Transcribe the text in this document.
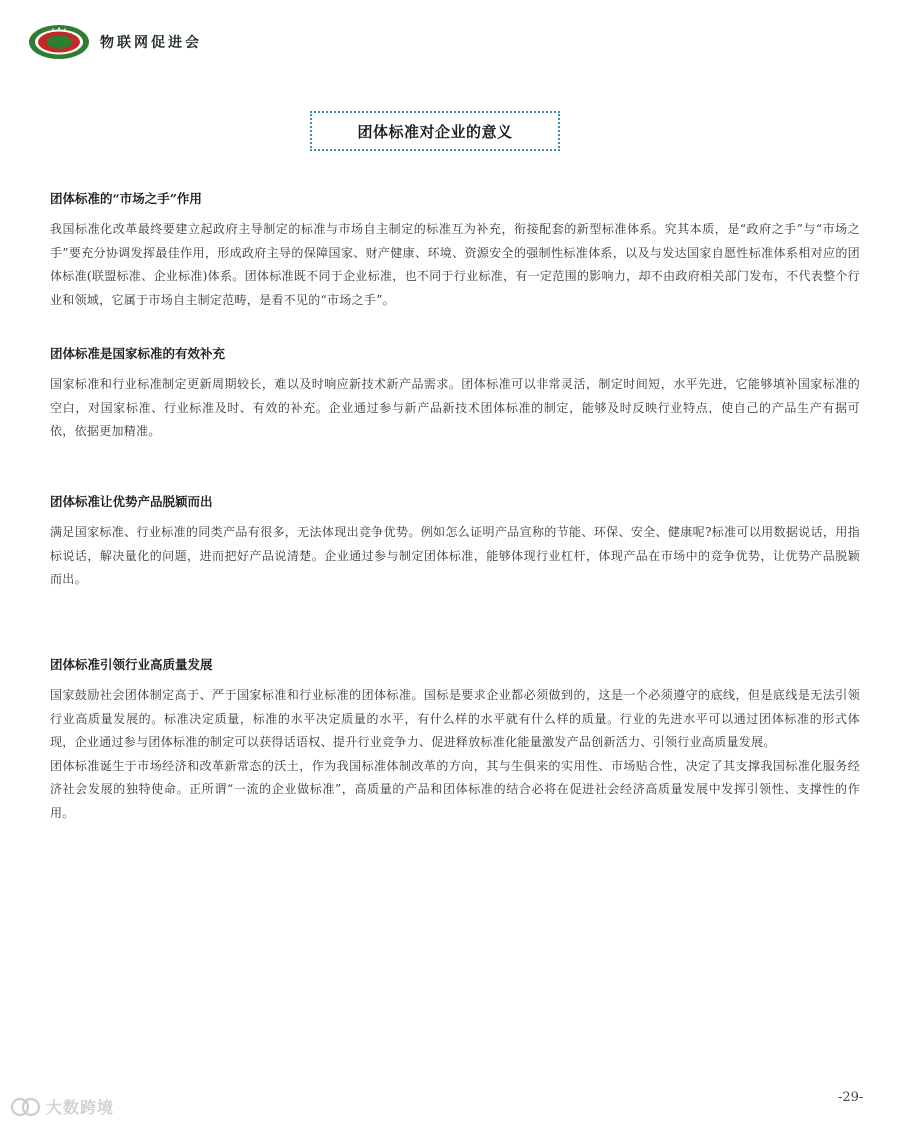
物联网促进会
团体标准对企业的意义
团体标准的“市场之手”作用

我国标准化改革最终要建立起政府主导制定的标准与市场自主制定的标准互为补充，衔接配套的新型标准体系。究其本质，是“政府之手”与“市场之手”要充分协调发挥最佳作用，形成政府主导的保障国家、财产健康、环境、资源安全的强制性标准体系，以及与发达国家自愿性标准体系相对应的团体标准(联盟标准、企业标准)体系。团体标准既不同于企业标准，也不同于行业标准，有一定范围的影响力，却不由政府相关部门发布，不代表整个行业和领域，它属于市场自主制定范畴，是看不见的“市场之手”。

团体标准是国家标准的有效补充

国家标准和行业标准制定更新周期较长，难以及时响应新技术新产品需求。团体标准可以非常灵活，制定时间短，水平先进，它能够填补国家标准的空白，对国家标准、行业标准及时、有效的补充。企业通过参与新产品新技术团体标准的制定，能够及时反映行业特点，使自己的产品生产有据可依，依据更加精准。

团体标准让优势产品脱颖而出

满足国家标准、行业标准的同类产品有很多，无法体现出竞争优势。例如怎么证明产品宣称的节能、环保、安全、健康呢?标准可以用数据说话，用指标说话，解决量化的问题，进而把好产品说清楚。企业通过参与制定团体标准，能够体现行业杠杆，体现产品在市场中的竞争优势，让优势产品脱颖而出。

团体标准引领行业高质量发展

国家鼓励社会团体制定高于、严于国家标准和行业标准的团体标准。国标是要求企业都必须做到的，这是一个必须遵守的底线，但是底线是无法引领行业高质量发展的。标准决定质量，标准的水平决定质量的水平，有什么样的水平就有什么样的质量。行业的先进水平可以通过团体标准的形式体现，企业通过参与团体标准的制定可以获得话语权、提升行业竞争力、促进释放标准化能量激发产品创新活力、引领行业高质量发展。

团体标准诞生于市场经济和改革新常态的沃土，作为我国标准体制改革的方向，其与生俱来的实用性、市场贴合性，决定了其支撑我国标准化服务经济社会发展的独特使命。正所谓“一流的企业做标准”，高质量的产品和团体标准的结合必将在促进社会经济高质量发展中发挥引领性、支撑性的作用。

大数跨境
-29-
